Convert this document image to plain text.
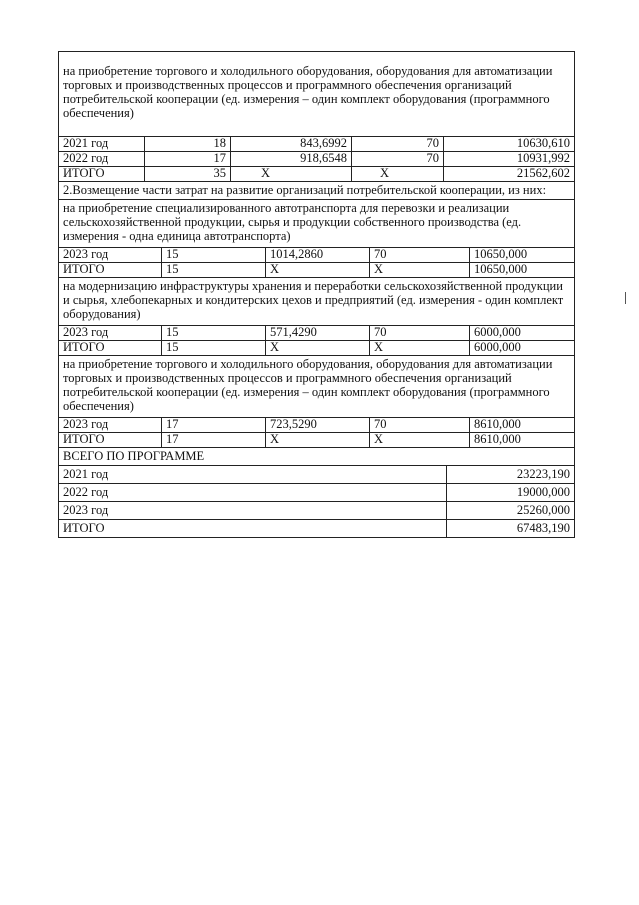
на приобретение торгового и холодильного оборудования, оборудования для автоматизации торговых и производственных процессов и программного обеспечения организаций потребительской кооперации (ед. измерения – один комплект оборудования (программного обеспечения)				
2021 год	18	843,6992	70	10630,610
2022 год	17	918,6548	70	10931,992
ИТОГО	35	Х	Х	21562,602
2.Возмещение части затрат на развитие организаций потребительской кооперации, из них:				
на приобретение специализированного автотранспорта для перевозки и реализации сельскохозяйственной продукции, сырья и продукции собственного производства (ед. измерения - одна единица автотранспорта)				
2023 год	15	1014,2860	70	10650,000
ИТОГО	15	Х	Х	10650,000
на модернизацию инфраструктуры хранения и переработки сельскохозяйственной продукции и сырья, хлебопекарных и кондитерских цехов и предприятий (ед. измерения - один комплект оборудования)				
2023 год	15	571,4290	70	6000,000
ИТОГО	15	Х	Х	6000,000
на приобретение торгового и холодильного оборудования, оборудования для автоматизации торговых и производственных процессов и программного обеспечения организаций потребительской кооперации (ед. измерения – один комплект оборудования (программного обеспечения)				
2023 год	17	723,5290	70	8610,000
ИТОГО	17	Х	Х	8610,000
ВСЕГО ПО ПРОГРАММЕ	
2021 год	23223,190
2022 год	19000,000
2023 год	25260,000
ИТОГО	67483,190
